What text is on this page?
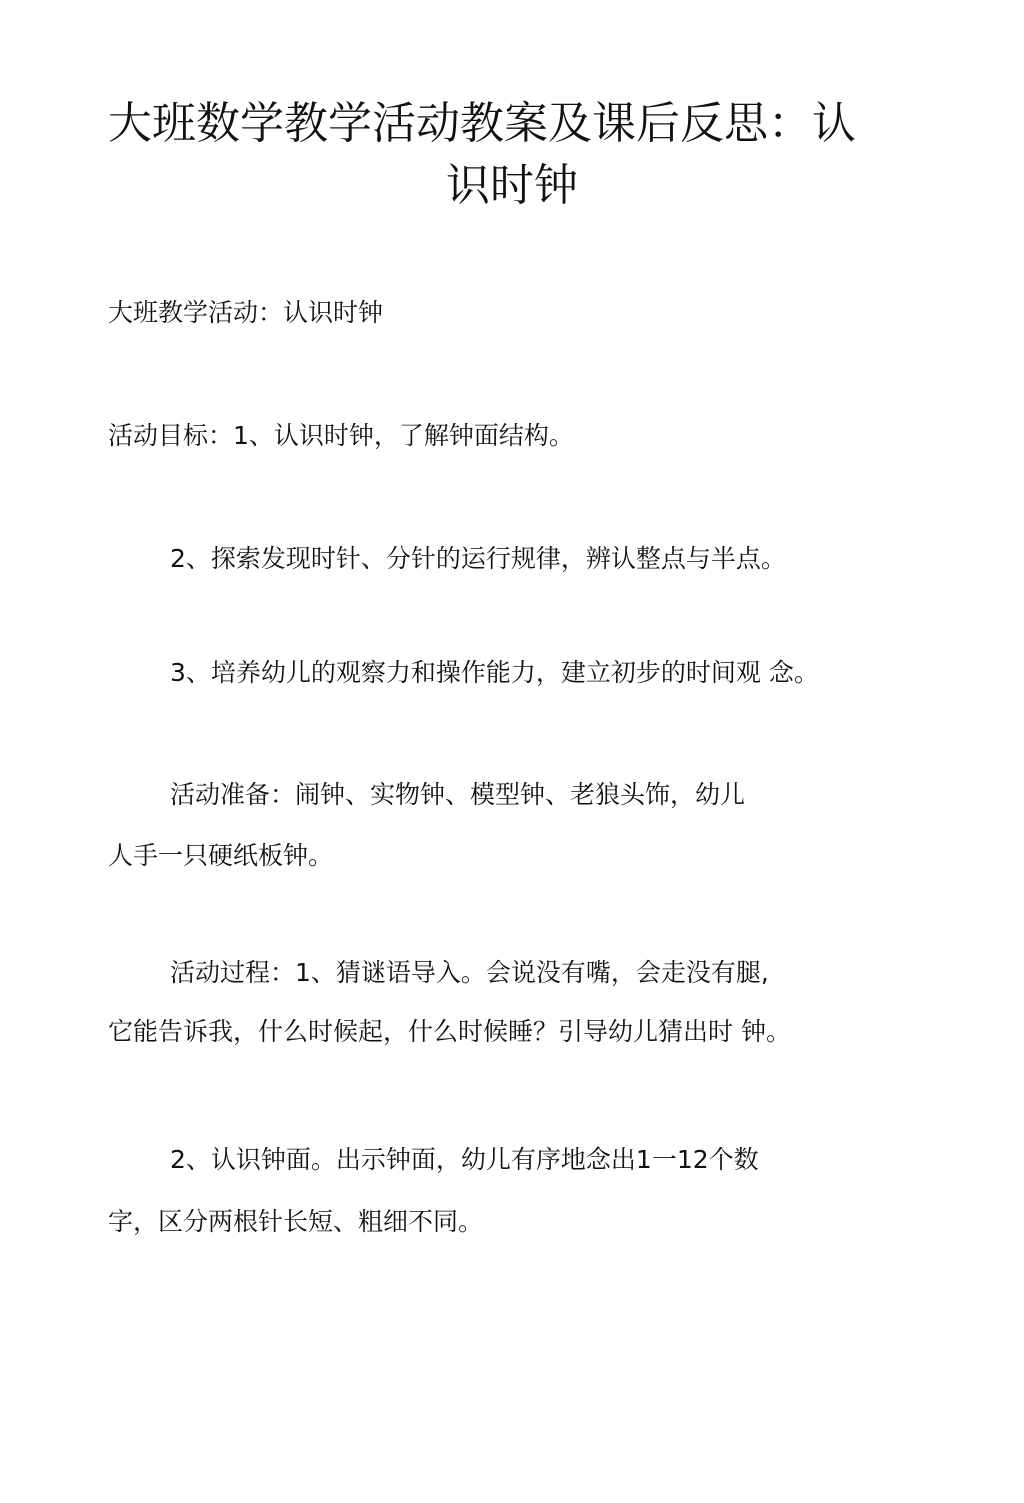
大班数学教学活动教案及课后反思：认
识时钟

大班教学活动：认识时钟

活动目标：1、认识时钟，了解钟面结构。

2、探索发现时针、分针的运行规律，辨认整点与半点。

3、培养幼儿的观察力和操作能力，建立初步的时间观 念。

活动准备：闹钟、实物钟、模型钟、老狼头饰，幼儿

人手一只硬纸板钟。

活动过程：1、猜谜语导入。会说没有嘴，会走没有腿,

它能告诉我，什么时候起，什么时候睡？引导幼儿猜出时 钟。

2、认识钟面。出示钟面，幼儿有序地念出1一12个数

字，区分两根针长短、粗细不同。
